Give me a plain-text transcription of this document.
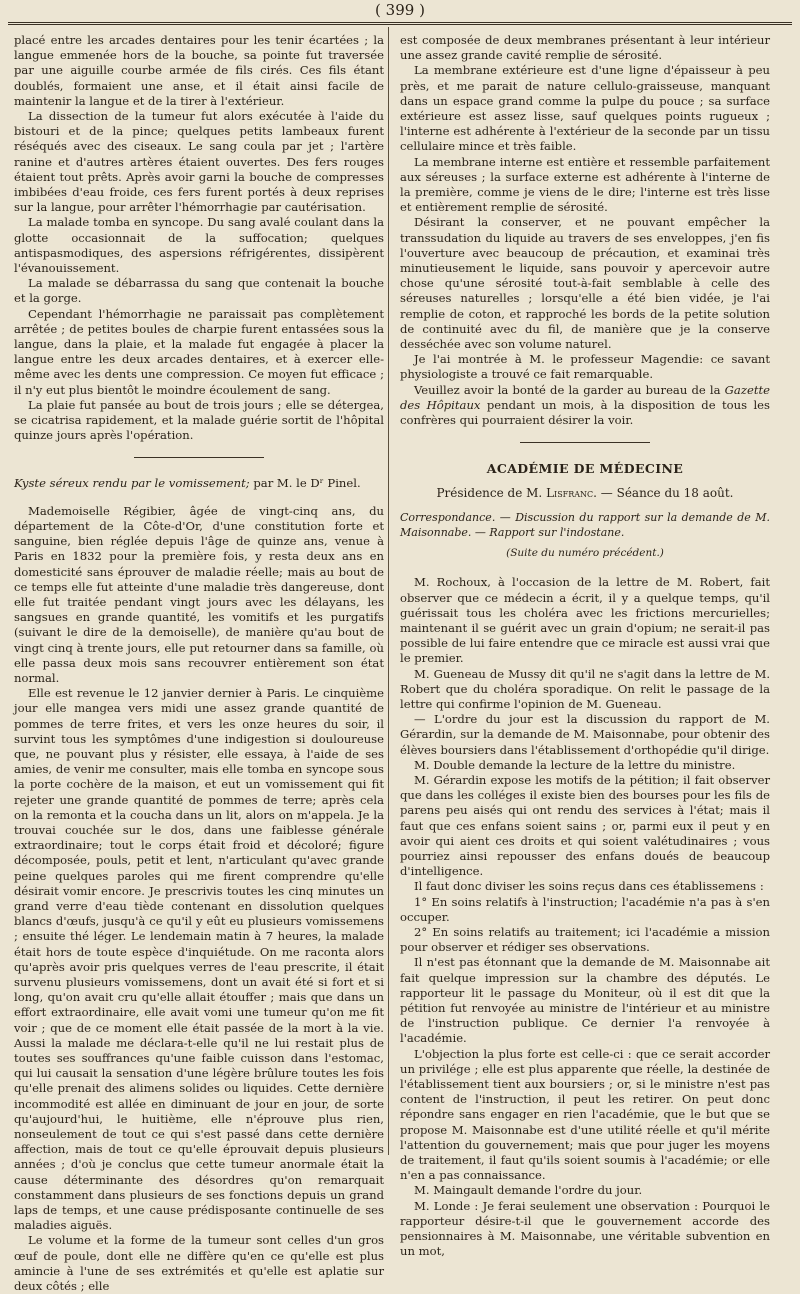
( 399 )

placé entre les arcades dentaires pour les tenir écartées ; la langue emmenée hors de la bouche, sa pointe fut traversée par une aiguille courbe armée de fils cirés. Ces fils étant doublés, formaient une anse, et il était ainsi facile de maintenir la langue et de la tirer à l'extérieur.

La dissection de la tumeur fut alors exécutée à l'aide du bistouri et de la pince; quelques petits lambeaux furent réséqués avec des ciseaux. Le sang coula par jet ; l'artère ranine et d'autres artères étaient ouvertes. Des fers rouges étaient tout prêts. Après avoir garni la bouche de compresses imbibées d'eau froide, ces fers furent portés à deux reprises sur la langue, pour arrêter l'hémorrhagie par cautérisation.

La malade tomba en syncope. Du sang avalé coulant dans la glotte occasionnait de la suffocation; quelques antispasmodiques, des aspersions réfrigérentes, dissipèrent l'évanouissement.

La malade se débarrassa du sang que contenait la bouche et la gorge.

Cependant l'hémorrhagie ne paraissait pas complètement arrêtée ; de petites boules de charpie furent entassées sous la langue, dans la plaie, et la malade fut engagée à placer la langue entre les deux arcades dentaires, et à exercer elle-même avec les dents une compression. Ce moyen fut efficace ; il n'y eut plus bientôt le moindre écoulement de sang.

La plaie fut pansée au bout de trois jours ; elle se détergea, se cicatrisa rapidement, et la malade guérie sortit de l'hôpital quinze jours après l'opération.

Kyste séreux rendu par le vomissement; par M. le Dʳ Pinel.

Mademoiselle Régibier, âgée de vingt-cinq ans, du département de la Côte-d'Or, d'une constitution forte et sanguine, bien réglée depuis l'âge de quinze ans, venue à Paris en 1832 pour la première fois, y resta deux ans en domesticité sans éprouver de maladie réelle; mais au bout de ce temps elle fut atteinte d'une maladie très dangereuse, dont elle fut traitée pendant vingt jours avec les délayans, les sangsues en grande quantité, les vomitifs et les purgatifs (suivant le dire de la demoiselle), de manière qu'au bout de vingt cinq à trente jours, elle put retourner dans sa famille, où elle passa deux mois sans recouvrer entièrement son état normal.

Elle est revenue le 12 janvier dernier à Paris. Le cinquième jour elle mangea vers midi une assez grande quantité de pommes de terre frites, et vers les onze heures du soir, il survint tous les symptômes d'une indigestion si douloureuse que, ne pouvant plus y résister, elle essaya, à l'aide de ses amies, de venir me consulter, mais elle tomba en syncope sous la porte cochère de la maison, et eut un vomissement qui fit rejeter une grande quantité de pommes de terre; après cela on la remonta et la coucha dans un lit, alors on m'appela. Je la trouvai couchée sur le dos, dans une faiblesse générale extraordinaire; tout le corps était froid et décoloré; figure décomposée, pouls, petit et lent, n'articulant qu'avec grande peine quelques paroles qui me firent comprendre qu'elle désirait vomir encore. Je prescrivis toutes les cinq minutes un grand verre d'eau tiède contenant en dissolution quelques blancs d'œufs, jusqu'à ce qu'il y eût eu plusieurs vomissemens ; ensuite thé léger. Le lendemain matin à 7 heures, la malade était hors de toute espèce d'inquiétude. On me raconta alors qu'après avoir pris quelques verres de l'eau prescrite, il était survenu plusieurs vomissemens, dont un avait été si fort et si long, qu'on avait cru qu'elle allait étouffer ; mais que dans un effort extraordinaire, elle avait vomi une tumeur qu'on me fit voir ; que de ce moment elle était passée de la mort à la vie. Aussi la malade me déclara-t-elle qu'il ne lui restait plus de toutes ses souffrances qu'une faible cuisson dans l'estomac, qui lui causait la sensation d'une légère brûlure toutes les fois qu'elle prenait des alimens solides ou liquides. Cette dernière incommodité est allée en diminuant de jour en jour, de sorte qu'aujourd'hui, le huitième, elle n'éprouve plus rien, nonseulement de tout ce qui s'est passé dans cette dernière affection, mais de tout ce qu'elle éprouvait depuis plusieurs années ; d'où je conclus que cette tumeur anormale était la cause déterminante des désordres qu'on remarquait constamment dans plusieurs de ses fonctions depuis un grand laps de temps, et une cause prédisposante continuelle de ses maladies aiguës.

Le volume et la forme de la tumeur sont celles d'un gros œuf de poule, dont elle ne diffère qu'en ce qu'elle est plus amincie à l'une de ses extrémités et qu'elle est aplatie sur deux côtés ; elle

est composée de deux membranes présentant à leur intérieur une assez grande cavité remplie de sérosité.

La membrane extérieure est d'une ligne d'épaisseur à peu près, et me parait de nature cellulo-graisseuse, manquant dans un espace grand comme la pulpe du pouce ; sa surface extérieure est assez lisse, sauf quelques points rugueux ; l'interne est adhérente à l'extérieur de la seconde par un tissu cellulaire mince et très faible.

La membrane interne est entière et ressemble parfaitement aux séreuses ; la surface externe est adhérente à l'interne de la première, comme je viens de le dire; l'interne est très lisse et entièrement remplie de sérosité.

Désirant la conserver, et ne pouvant empêcher la transsudation du liquide au travers de ses enveloppes, j'en fis l'ouverture avec beaucoup de précaution, et examinai très minutieusement le liquide, sans pouvoir y apercevoir autre chose qu'une sérosité tout-à-fait semblable à celle des séreuses naturelles ; lorsqu'elle a été bien vidée, je l'ai remplie de coton, et rapproché les bords de la petite solution de continuité avec du fil, de manière que je la conserve desséchée avec son volume naturel.

Je l'ai montrée à M. le professeur Magendie: ce savant physiologiste a trouvé ce fait remarquable.

Veuillez avoir la bonté de la garder au bureau de la Gazette des Hôpitaux pendant un mois, à la disposition de tous les confrères qui pourraient désirer la voir.

ACADÉMIE DE MÉDECINE
Présidence de M. Lisfranc. — Séance du 18 août.

Correspondance. — Discussion du rapport sur la demande de M. Maisonnabe. — Rapport sur l'indostane.

(Suite du numéro précédent.)

M. Rochoux, à l'occasion de la lettre de M. Robert, fait observer que ce médecin a écrit, il y a quelque temps, qu'il guérissait tous les choléra avec les frictions mercurielles; maintenant il se guérit avec un grain d'opium; ne serait-il pas possible de lui faire entendre que ce miracle est aussi vrai que le premier.

M. Gueneau de Mussy dit qu'il ne s'agit dans la lettre de M. Robert que du choléra sporadique. On relit le passage de la lettre qui confirme l'opinion de M. Gueneau.

— L'ordre du jour est la discussion du rapport de M. Gérardin, sur la demande de M. Maisonnabe, pour obtenir des élèves boursiers dans l'établissement d'orthopédie qu'il dirige.

M. Double demande la lecture de la lettre du ministre.

M. Gérardin expose les motifs de la pétition; il fait observer que dans les colléges il existe bien des bourses pour les fils de parens peu aisés qui ont rendu des services à l'état; mais il faut que ces enfans soient sains ; or, parmi eux il peut y en avoir qui aient ces droits et qui soient valétudinaires ; vous pourriez ainsi repousser des enfans doués de beaucoup d'intelligence.

Il faut donc diviser les soins reçus dans ces établissemens :

1° En soins relatifs à l'instruction; l'académie n'a pas à s'en occuper.

2° En soins relatifs au traitement; ici l'académie a mission pour observer et rédiger ses observations.

Il n'est pas étonnant que la demande de M. Maisonnabe ait fait quelque impression sur la chambre des députés. Le rapporteur lit le passage du Moniteur, où il est dit que la pétition fut renvoyée au ministre de l'intérieur et au ministre de l'instruction publique. Ce dernier l'a renvoyée à l'académie.

L'objection la plus forte est celle-ci : que ce serait accorder un privilége ; elle est plus apparente que réelle, la destinée de l'établissement tient aux boursiers ; or, si le ministre n'est pas content de l'instruction, il peut les retirer. On peut donc répondre sans engager en rien l'académie, que le but que se propose M. Maisonnabe est d'une utilité réelle et qu'il mérite l'attention du gouvernement; mais que pour juger les moyens de traitement, il faut qu'ils soient soumis à l'académie; or elle n'en a pas connaissance.

M. Maingault demande l'ordre du jour.

M. Londe : Je ferai seulement une observation : Pourquoi le rapporteur désire-t-il que le gouvernement accorde des pensionnaires à M. Maisonnabe, une véritable subvention en un mot,
